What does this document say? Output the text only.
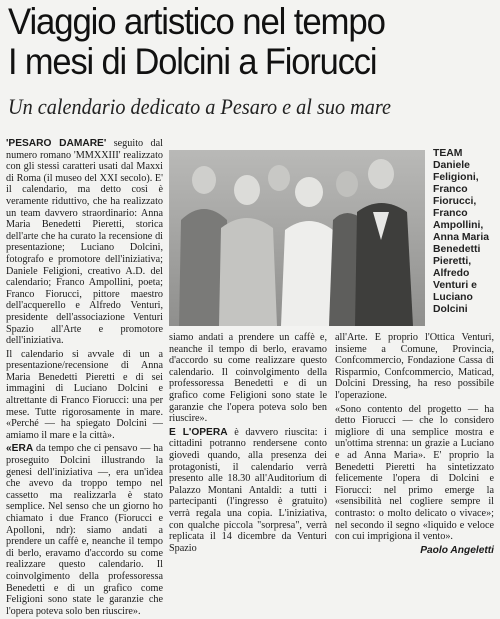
Viaggio artistico nel tempo
I mesi di Dolcini a Fiorucci
Un calendario dedicato a Pesaro e al suo mare

'PESARO DAMARE' seguito dal numero romano 'MMXXIII' realizzato con gli stessi caratteri usati dal Maxxi di Roma (il museo del XXI secolo). E' il calendario, ma detto così è veramente riduttivo, che ha realizzato un team davvero straordinario: Anna Maria Benedetti Pieretti, storica dell'arte che ha curato la recensione di presentazione; Luciano Dolcini, fotografo e promotore dell'iniziativa; Daniele Feligioni, creativo A.D. del calendario; Franco Ampollini, poeta; Franco Fiorucci, pittore maestro dell'acquerello e Alfredo Venturi, presidente dell'associazione Venturi Spazio all'Arte e promotore dell'iniziativa.

Il calendario si avvale di un a presentazione/recensione di Anna Maria Benedetti Pieretti e di sei immagini di Luciano Dolcini e altrettante di Franco Fiorucci: una per mese. Tutte rigorosamente in mare. «Perché — ha spiegato Dolcini — amiamo il mare e la città».

«ERA da tempo che ci pensavo — ha proseguito Dolcini illustrando la genesi dell'iniziativa —, era un'idea che avevo da troppo tempo nel cassetto ma realizzarla è stato semplice. Nel senso che un giorno ho chiamato i due Franco (Fiorucci e Apolloni, ndr): siamo andati a prendere un caffè e, neanche il tempo di berlo, eravamo d'accordo su come realizzare questo calendario. Il coinvolgimento della professoressa Benedetti e di un grafico come Feligioni sono state le garanzie che l'opera poteva solo ben riuscire».

TEAM
Daniele Feligioni, Franco Fiorucci, Franco Ampollini, Anna Maria Benedetti Pieretti, Alfredo Venturi e Luciano Dolcini

siamo andati a prendere un caffè e, neanche il tempo di berlo, eravamo d'accordo su come realizzare questo calendario. Il coinvolgimento della professoressa Benedetti e di un grafico come Feligioni sono state le garanzie che l'opera poteva solo ben riuscire».

E L'OPERA è davvero riuscita: i cittadini potranno rendersene conto giovedì quando, alla presenza dei protagonisti, il calendario verrà presento alle 18.30 all'Auditorium di Palazzo Montani Antaldi: a tutti i partecipanti (l'ingresso è gratuito) verrà regala una copia. L'iniziativa, con qualche piccola "sorpresa", verrà replicata il 14 dicembre da Venturi Spazio

all'Arte. E proprio l'Ottica Venturi, insieme a Comune, Provincia, Confcommercio, Fondazione Cassa di Risparmio, Confcommercio, Maticad, Dolcini Dressing, ha reso possibile l'operazione.

«Sono contento del progetto — ha detto Fiorucci — che lo considero migliore di una semplice mostra e un'ottima strenna: un grazie a Luciano e ad Anna Maria». E' proprio la Benedetti Pieretti ha sintetizzato felicemente l'opera di Dolcini e Fiorucci: nel primo emerge la «sensibilità nel cogliere sempre il contrasto: o molto delicato o vivace»; nel secondo il segno «liquido e veloce con cui imprigiona il vento».

Paolo Angeletti
